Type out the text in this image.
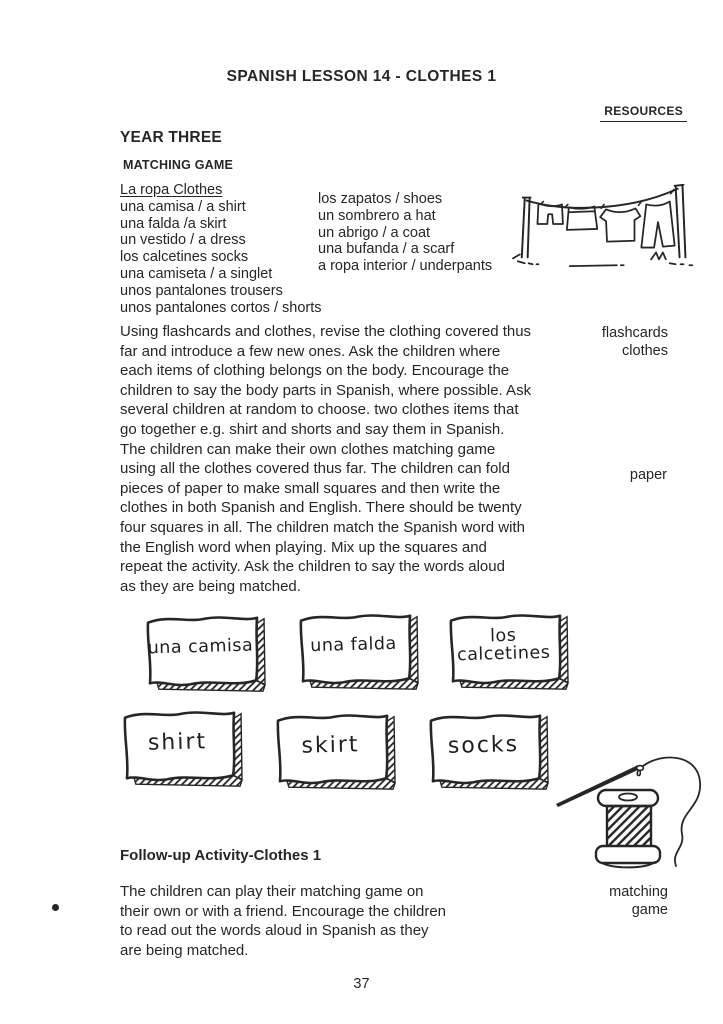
SPANISH LESSON 14 - CLOTHES 1
RESOURCES
YEAR THREE
MATCHING GAME
La ropa Clothes
una camisa / a shirt
una falda /a skirt
un vestido / a dress
los calcetines socks
una camiseta / a singlet
unos pantalones trousers
unos pantalones cortos / shorts
los zapatos / shoes
un sombrero a hat
un abrigo / a coat
una bufanda / a scarf
a ropa interior / underpants
Using flashcards and clothes, revise the clothing covered thus
far and introduce a few new ones. Ask the children where
each items of clothing belongs on the body. Encourage the
children to say the body parts in Spanish, where possible. Ask
several children at random to choose. two clothes items that
go together e.g. shirt and shorts and say them in Spanish.
The children can make their own clothes matching game
using all the clothes covered thus far. The children can fold
pieces of paper to make small squares and then write the
clothes in both Spanish and English. There should be twenty
four squares in all. The children match the Spanish word with
the English word when playing. Mix up the squares and
repeat the activity. Ask the children to say the words aloud
as they are being matched.
flashcards
clothes
paper
una camisa	una falda	los calcetines
shirt	skirt	socks
matching
game
Follow-up Activity-Clothes 1
The children can play their matching game on
their own or with a friend. Encourage the children
to read out the words aloud in Spanish as they
are being matched.
37
